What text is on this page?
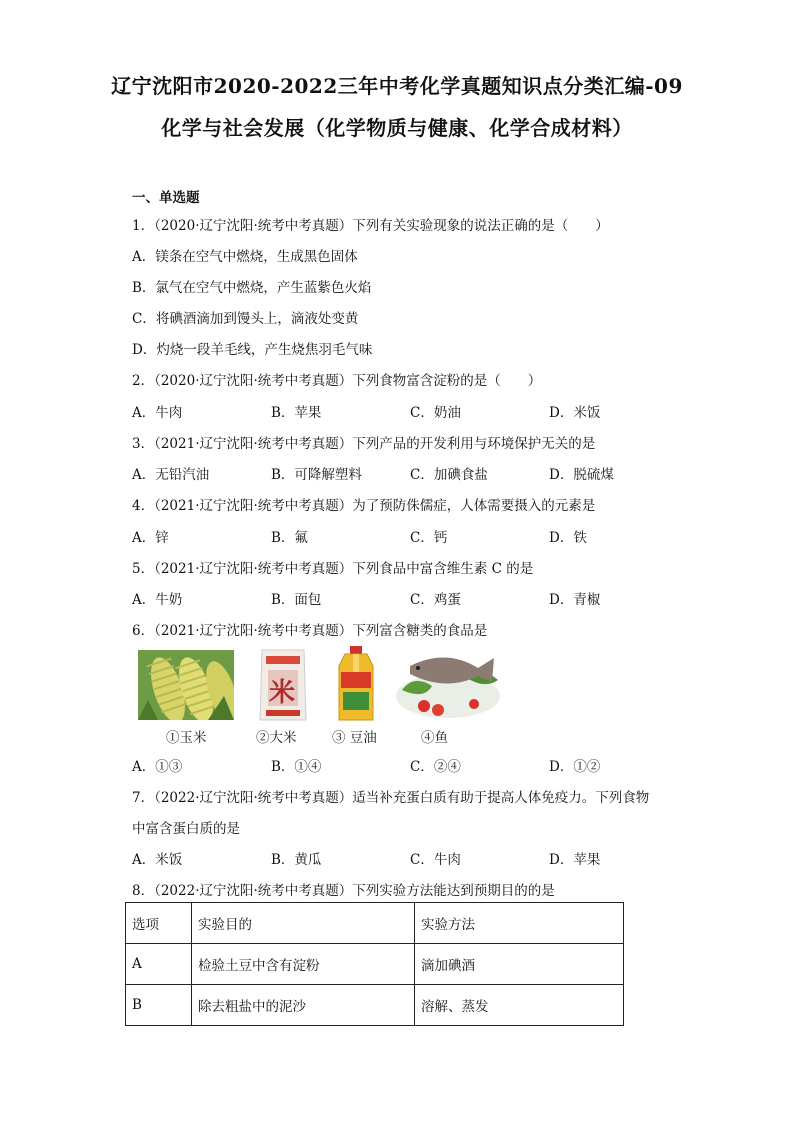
辽宁沈阳市2020-2022三年中考化学真题知识点分类汇编-09
化学与社会发展（化学物质与健康、化学合成材料）
一、单选题
1．（2020·辽宁沈阳·统考中考真题）下列有关实验现象的说法正确的是（　　）
A．镁条在空气中燃烧，生成黑色固体
B．氯气在空气中燃烧，产生蓝紫色火焰
C．将碘酒滴加到馒头上，滴液处变黄
D．灼烧一段羊毛线，产生烧焦羽毛气味
2．（2020·辽宁沈阳·统考中考真题）下列食物富含淀粉的是（　　）
A．牛肉	B．苹果	C．奶油	D．米饭
3．（2021·辽宁沈阳·统考中考真题）下列产品的开发利用与环境保护无关的是
A．无铅汽油	B．可降解塑料	C．加碘食盐	D．脱硫煤
4．（2021·辽宁沈阳·统考中考真题）为了预防侏儒症，人体需要摄入的元素是
A．锌	B．氟	C．钙	D．铁
5．（2021·辽宁沈阳·统考中考真题）下列食品中富含维生素 C 的是
A．牛奶	B．面包	C．鸡蛋	D．青椒
6．（2021·辽宁沈阳·统考中考真题）下列富含糖类的食品是
米
①玉米	②大米	③ 豆油	④鱼
A．①③	B．①④	C．②④	D．①②
7．（2022·辽宁沈阳·统考中考真题）适当补充蛋白质有助于提高人体免疫力。下列食物
中富含蛋白质的是
A．米饭	B．黄瓜	C．牛肉	D．苹果
8．（2022·辽宁沈阳·统考中考真题）下列实验方法能达到预期目的的是
选项	实验目的	实验方法
A	检验土豆中含有淀粉	滴加碘酒
B	除去粗盐中的泥沙	溶解、蒸发
